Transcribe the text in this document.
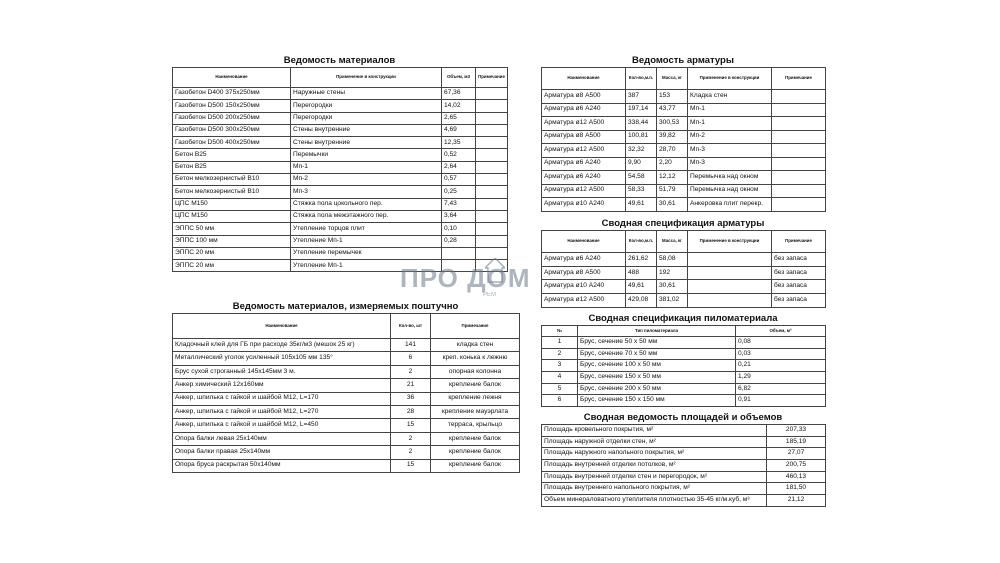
Ведомость материалов
Наименование	Применение в конструкции	Объем, м3	Примечание
Газобетон D400 375х250мм	Наружные стены	67,36	
Газобетон D500 150х250мм	Перегородки	14,02	
Газобетон D500 200х250мм	Перегородки	2,65	
Газобетон D500 300х250мм	Стены внутренние	4,69	
Газобетон D500 400х250мм	Стены внутренние	12,35	
Бетон В25	Перемычки	0,52	
Бетон В25	Мп-1	2,64	
Бетон мелкозернистый В10	Мп-2	0,57	
Бетон мелкозернистый В10	Мп-3	0,25	
ЦПС М150	Стяжка пола цокольного пер.	7,43	
ЦПС М150	Стяжка пола межэтажного пер.	3,64	
ЭППС 50 мм	Утепление торцов плит	0,10	
ЭППС 100 мм	Утепление Мп-1	0,28	
ЭППС 20 мм	Утепление перемычек		
ЭППС 20 мм	Утепление Мп-1		
Ведомость материалов, измеряемых поштучно
Наименование	Кол-во, шт	Примечание
Кладочный клей для ГБ при расходе 35кг/м3 (мешок 25 кг)	141	кладка стен
Металлический уголок усиленный 105х105 мм 135°	6	креп. конька к лежню
Брус сухой строганный 145х145мм 3 м.	2	опорная колонна
Анкер химический 12х160мм	21	крепление балок
Анкер, шпилька с гайкой и шайбой М12, L=170	36	крепление лежня
Анкер, шпилька с гайкой и шайбой М12, L=270	28	крепление мауэрлата
Анкер, шпилька с гайкой и шайбой М12, L=450	15	терраса, крыльцо
Опора балки левая 25х140мм	2	крепление балок
Опора балки правая 25х140мм	2	крепление балок
Опора бруса раскрытая 50х140мм	15	крепление балок
Ведомость арматуры
Наименование	Кол-во,м.п.	Масса, кг	Применение в конструкции	Примечание
Арматура ø8 А500	387	153	Кладка стен	
Арматура ø6 А240	197,14	43,77	Мп-1	
Арматура ø12 А500	338,44	300,53	Мп-1	
Арматура ø8 А500	100,81	39,82	Мп-2	
Арматура ø12 А500	32,32	28,70	Мп-3	
Арматура ø6 А240	9,90	2,20	Мп-3	
Арматура ø6 А240	54,58	12,12	Перемычка над окном	
Арматура ø12 А500	58,33	51,79	Перемычка над окном	
Арматура ø10 А240	49,61	30,61	Анкеровка плит перекр.	
Сводная спецификация арматуры
Наименование	Кол-во,м.п.	Масса, кг	Применение в конструкции	Примечание
Арматура ø6 А240	261,62	58,08		без запаса
Арматура ø8 А500	488	192		без запаса
Арматура ø10 А240	49,61	30,61		без запаса
Арматура ø12 А500	429,08	381,02		без запаса
Сводная спецификация пиломатериала
№	Тип пиломатериала	Объем, м³
1	Брус, сечение 50 х 50 мм	0,08
2	Брус, сечение 70 х 50 мм	0,03
3	Брус, сечение 100 х 50 мм	0,21
4	Брус, сечение 150 х 50 мм	1,29
5	Брус, сечение 200 х 50 мм	6,82
6	Брус, сечение 150 х 150 мм	0,91
Сводная ведомость площадей и объемов
Площадь кровельного покрытия, м²	207,33
Площадь наружной отделки стен, м²	185,19
Площадь наружного напольного покрытия, м²	27,07
Площадь внутренней отделки потолков, м²	200,75
Площадь внутренней отделки стен и перегородок, м²	460,13
Площадь внутреннего напольного покрытия, м²	181,50
Объем минераловатного утеплителя плотностью 35-45 кг/м.куб, м³	21,12
ПРО ДОМ
РЕМ
